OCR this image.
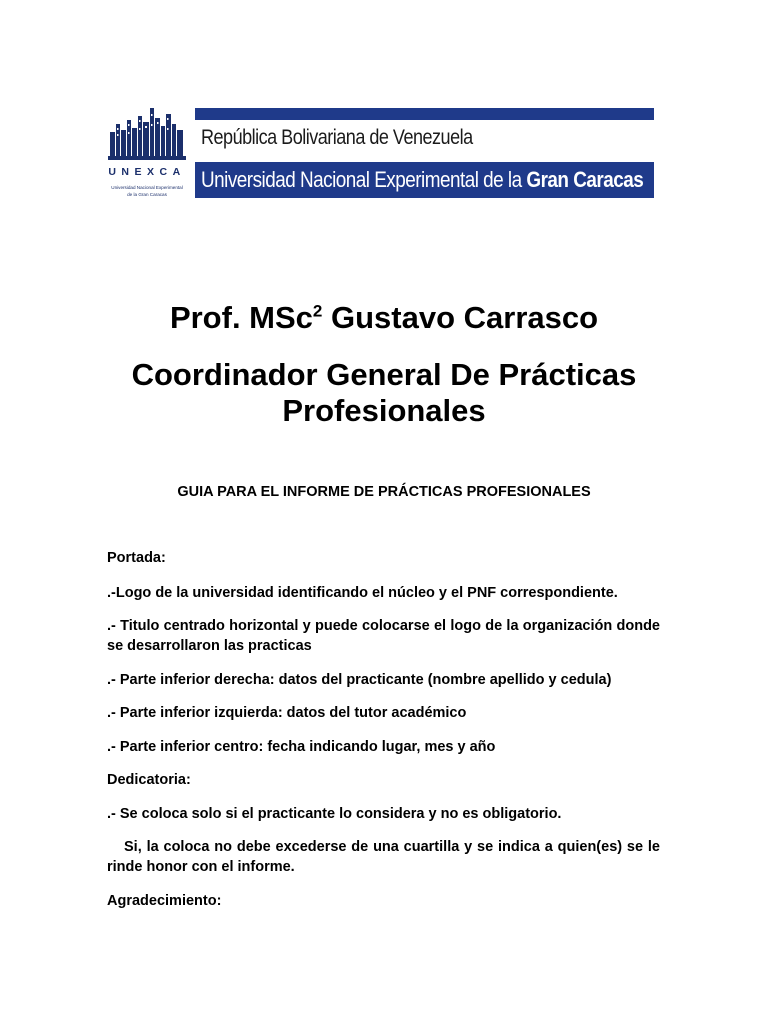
UNEXCA
Universidad Nacional Experimental
de la Gran Caracas
República Bolivariana de Venezuela
Universidad Nacional Experimental de la Gran Caracas
Prof. MSc$^2$ Gustavo Carrasco
Coordinador General De Prácticas
Profesionales
GUIA PARA EL INFORME DE PRÁCTICAS PROFESIONALES
Portada:
.-Logo de la universidad identificando el núcleo y el PNF correspondiente.
.- Titulo centrado horizontal y puede colocarse el logo de la organización donde se desarrollaron las practicas
.- Parte inferior derecha: datos del practicante (nombre apellido y cedula)
.- Parte inferior izquierda: datos del tutor académico
.- Parte inferior centro: fecha indicando lugar, mes y año
Dedicatoria:
.- Se coloca solo si el practicante lo considera y no es obligatorio.
Si, la coloca no debe excederse de una cuartilla y se indica a quien(es) se le rinde honor con el informe.
Agradecimiento:
